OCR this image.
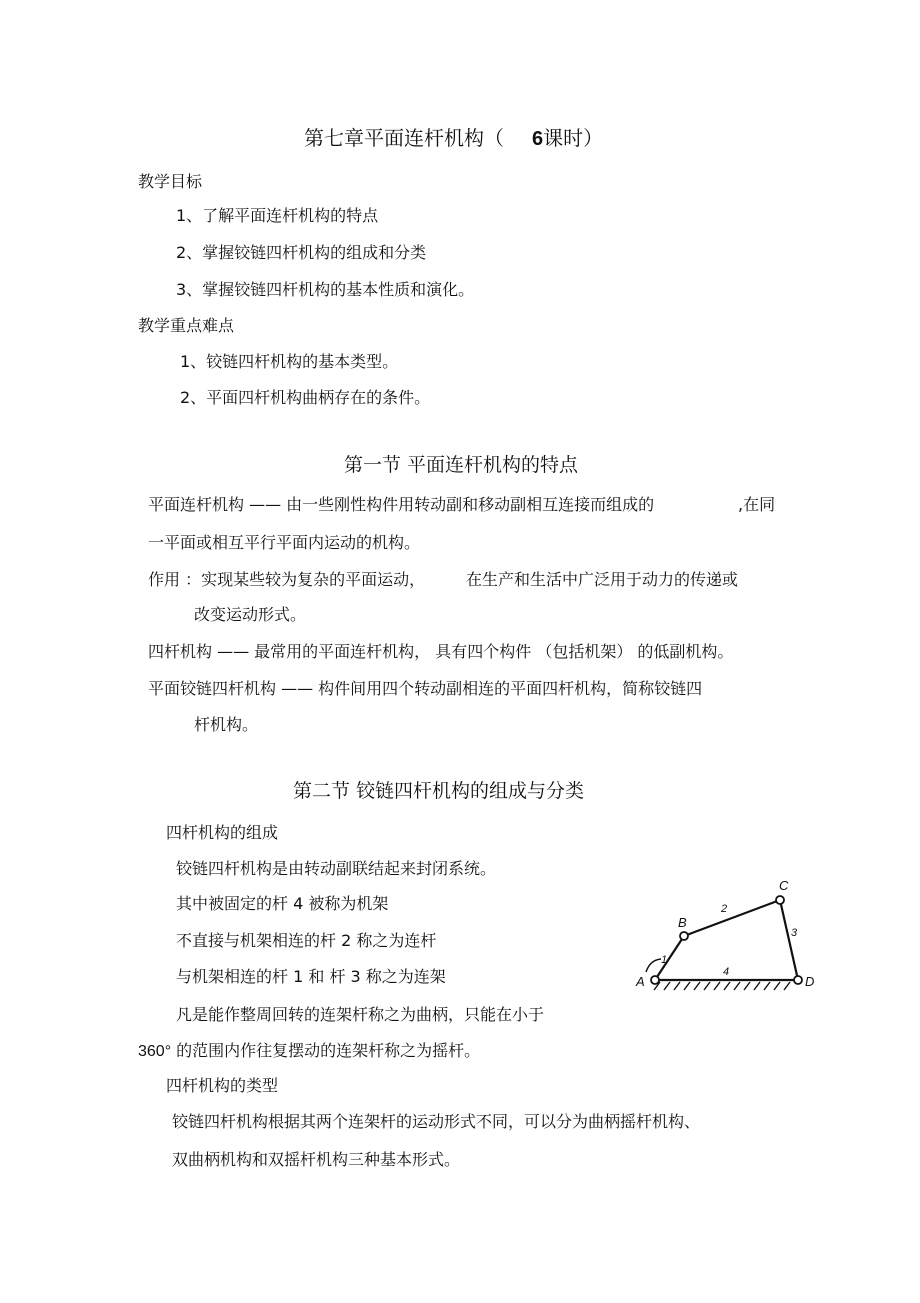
第七章平面连杆机构（ 6课时）
教学目标
1、了解平面连杆机构的特点
2、掌握铰链四杆机构的组成和分类
3、掌握铰链四杆机构的基本性质和演化。
教学重点难点
1、铰链四杆机构的基本类型。
2、平面四杆机构曲柄存在的条件。
第一节 平面连杆机构的特点
平面连杆机构 —— 由一些刚性构件用转动副和移动副相互连接而组成的	,在同
一平面或相互平行平面内运动的机构。
作用 ：实现某些较为复杂的平面运动，	在生产和生活中广泛用于动力的传递或
改变运动形式。
四杆机构 —— 最常用的平面连杆机构， 具有四个构件 （包括机架） 的低副机构。
平面铰链四杆机构 —— 构件间用四个转动副相连的平面四杆机构，简称铰链四
杆机构。
第二节 铰链四杆机构的组成与分类
四杆机构的组成
铰链四杆机构是由转动副联结起来封闭系统。
其中被固定的杆 4 被称为机架
不直接与机架相连的杆 2 称之为连杆
与机架相连的杆 1 和 杆 3 称之为连架
凡是能作整周回转的连架杆称之为曲柄，只能在小于
360° 的范围内作往复摆动的连架杆称之为摇杆。
四杆机构的类型
铰链四杆机构根据其两个连架杆的运动形式不同，可以分为曲柄摇杆机构、
双曲柄机构和双摇杆机构三种基本形式。
A
B
C
D
1
2
3
4
